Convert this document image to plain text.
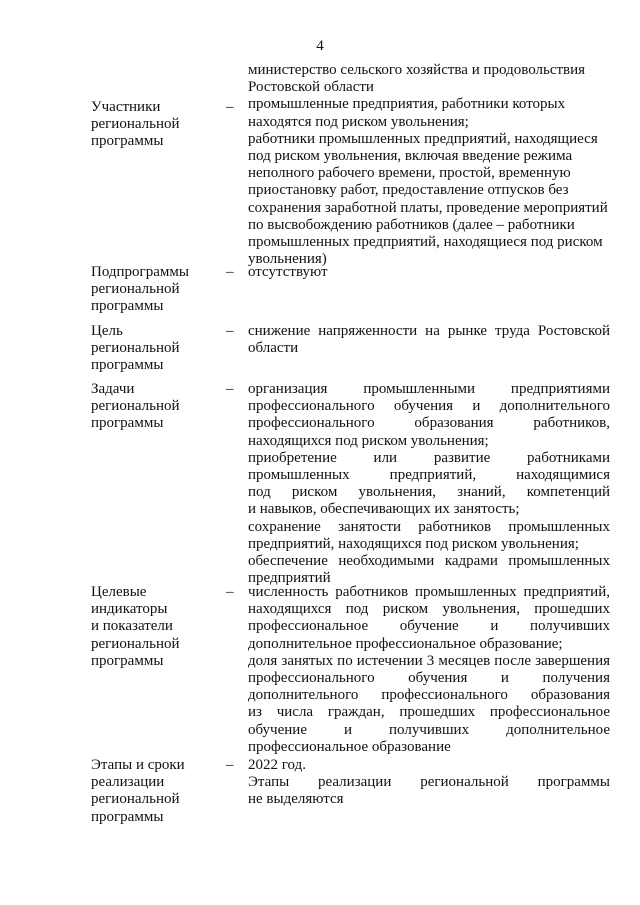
4
Участники
региональной
программы
–
министерство сельского хозяйства и продовольствия
Ростовской области
промышленные предприятия, работники которых
находятся под риском увольнения;
работники промышленных предприятий, находящиеся
под риском увольнения, включая введение режима
неполного рабочего времени, простой, временную
приостановку работ, предоставление отпусков без
сохранения заработной платы, проведение мероприятий
по высвобождению работников (далее – работники
промышленных предприятий, находящиеся под риском
увольнения)
Подпрограммы
региональной
программы
– отсутствуют
Цель
региональной
программы
– снижение напряженности на рынке труда Ростовской
области
Задачи
региональной
программы
– организация промышленными предприятиями
профессионального обучения и дополнительного
профессионального образования работников,
находящихся под риском увольнения;
приобретение или развитие работниками
промышленных предприятий, находящимися
под риском увольнения, знаний, компетенций
и навыков, обеспечивающих их занятость;
сохранение занятости работников промышленных
предприятий, находящихся под риском увольнения;
обеспечение необходимыми кадрами промышленных
предприятий
Целевые
индикаторы
и показатели
региональной
программы
– численность работников промышленных предприятий,
находящихся под риском увольнения, прошедших
профессиональное обучение и получивших
дополнительное профессиональное образование;
доля занятых по истечении 3 месяцев после завершения
профессионального обучения и получения
дополнительного профессионального образования
из числа граждан, прошедших профессиональное
обучение и получивших дополнительное
профессиональное образование
Этапы и сроки
реализации
региональной
программы
– 2022 год.
Этапы реализации региональной программы
не выделяются
